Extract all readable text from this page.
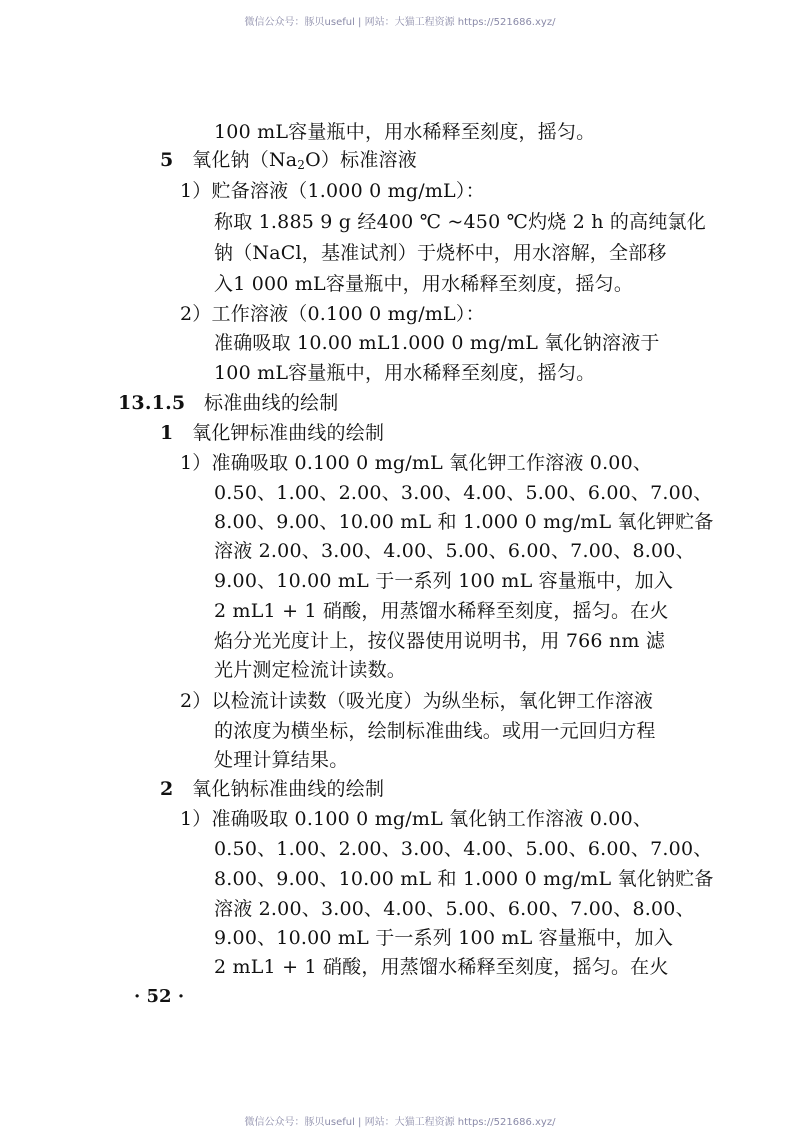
微信公众号：豚贝useful | 网站：大猫工程资源 https://521686.xyz/
100 mL容量瓶中，用水稀释至刻度，摇匀。
5 氧化钠$(Na_2O)$标准溶液
1）贮备溶液（1.000 0 mg/mL）：
称取 1.885 9 g 经400 ℃ ~450 ℃灼烧 2 h 的高纯氯化
钠（NaCl，基准试剂）于烧杯中，用水溶解，全部移
入1 000 mL容量瓶中，用水稀释至刻度，摇匀。
2）工作溶液（0.100 0 mg/mL）：
准确吸取 10.00 mL1.000 0 mg/mL 氧化钠溶液于
100 mL容量瓶中，用水稀释至刻度，摇匀。
13.1.5 标准曲线的绘制
1 氧化钾标准曲线的绘制
1）准确吸取 0.100 0 mg/mL 氧化钾工作溶液 0.00、
0.50、1.00、2.00、3.00、4.00、5.00、6.00、7.00、
8.00、9.00、10.00 mL 和 1.000 0 mg/mL 氧化钾贮备
溶液 2.00、3.00、4.00、5.00、6.00、7.00、8.00、
9.00、10.00 mL 于一系列 100 mL 容量瓶中，加入
2 mL1 + 1 硝酸，用蒸馏水稀释至刻度，摇匀。在火
焰分光光度计上，按仪器使用说明书，用 766 nm 滤
光片测定检流计读数。
2）以检流计读数（吸光度）为纵坐标，氧化钾工作溶液
的浓度为横坐标，绘制标准曲线。或用一元回归方程
处理计算结果。
2 氧化钠标准曲线的绘制
1）准确吸取 0.100 0 mg/mL 氧化钠工作溶液 0.00、
0.50、1.00、2.00、3.00、4.00、5.00、6.00、7.00、
8.00、9.00、10.00 mL 和 1.000 0 mg/mL 氧化钠贮备
溶液 2.00、3.00、4.00、5.00、6.00、7.00、8.00、
9.00、10.00 mL 于一系列 100 mL 容量瓶中，加入
2 mL1 + 1 硝酸，用蒸馏水稀释至刻度，摇匀。在火
· 52 ·
微信公众号：豚贝useful | 网站：大猫工程资源 https://521686.xyz/
